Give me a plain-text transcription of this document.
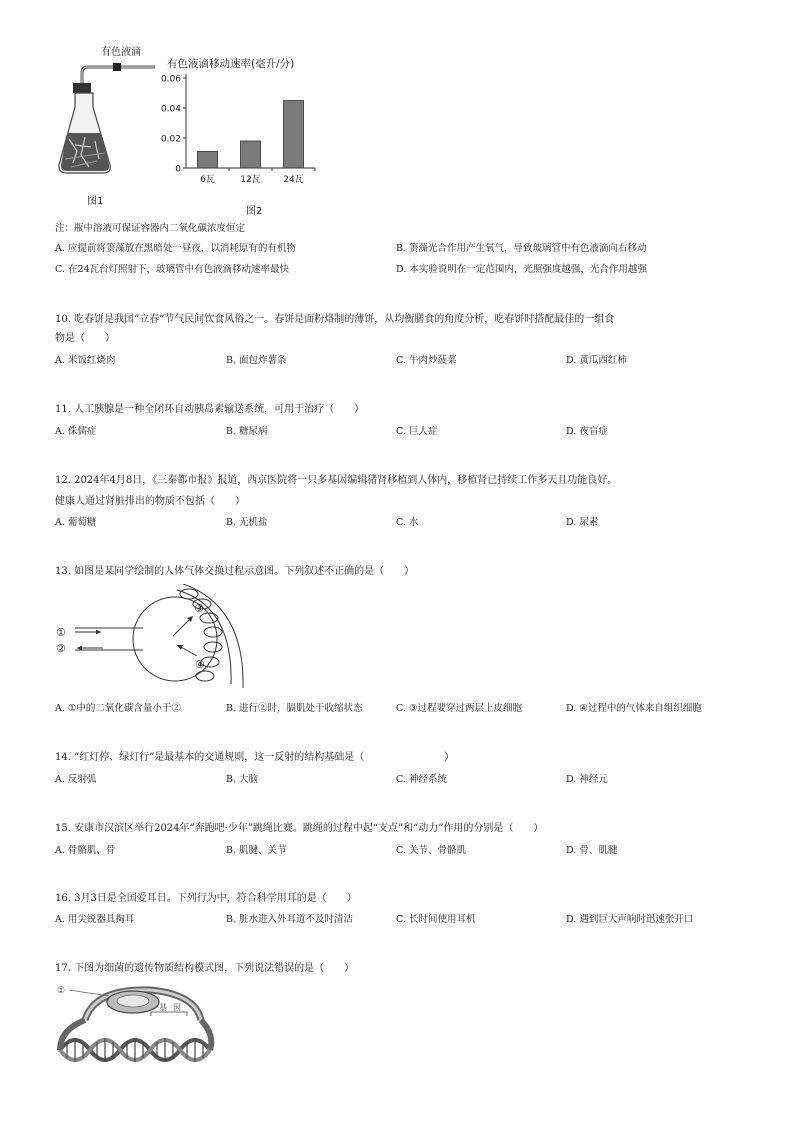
有色液滴
图1
有色液滴移动速率(毫升/分)
0.06
0.04
0.02
0
6瓦	12瓦	24瓦
图2
注：瓶中溶液可保证容器内二氧化碳浓度恒定
A. 应提前将箦藻放在黑暗处一昼夜，以消耗原有的有机物	B. 箦藻光合作用产生氧气，导致玻璃管中有色液滴向右移动
C. 在24瓦台灯照射下，玻璃管中有色液滴移动速率最快	D. 本实验说明在一定范围内，光照强度越强，光合作用越强
10. 吃春饼是我国“立春”节气民间饮食风俗之一。春饼是面粉烙制的薄饼，从均衡膳食的角度分析，吃春饼时搭配最佳的一组食
物是（　　）
A. 米饭红烧肉	B. 面包炸薯条	C. 牛肉炒菠菜	D. 黄瓜西红柿
11. 人工胰腺是一种全闭环自动胰岛素输送系统，可用于治疗（　　）
A. 侏儒症	B. 糖尿病	C. 巨人症	D. 夜盲症
12. 2024年4月8日，《三秦都市报》报道，西京医院将一只多基因编辑猪肾移植到人体内，移植肾已持续工作多天且功能良好。
健康人通过肾脏排出的物质不包括（　　）
A. 葡萄糖	B. 无机盐	C. 水	D. 尿素
13. 如图是某同学绘制的人体气体交换过程示意图。下列叙述不正确的是（　　）
①
②
③
④
A. ①中的二氧化碳含量小于②	B. 进行②时，膈肌处于收缩状态	C. ③过程要穿过两层上皮细胞	D. ④过程中的气体来自组织细胞
14. “红灯停、绿灯行”是最基本的交通规则，这一反射的结构基础是（　　　　　　　　）
A. 反射弧	B. 大脑	C. 神经系统	D. 神经元
15. 安康市汉滨区举行2024年“奔跑吧·少年”跳绳比赛。跳绳的过程中起“支点”和“动力”作用的分别是（　　）
A. 骨骼肌、骨	B. 肌腱、关节	C. 关节、骨骼肌	D. 骨、肌腱
16. 3月3日是全国爱耳日。下列行为中，符合科学用耳的是（　　）
A. 用尖锐器具掏耳	B. 脏水进入外耳道不及时清洁	C. 长时间使用耳机	D. 遇到巨大声响时迅速张开口
17. 下图为细菌的遗传物质结构模式图，下列说法错误的是（　　）
①
基 因
